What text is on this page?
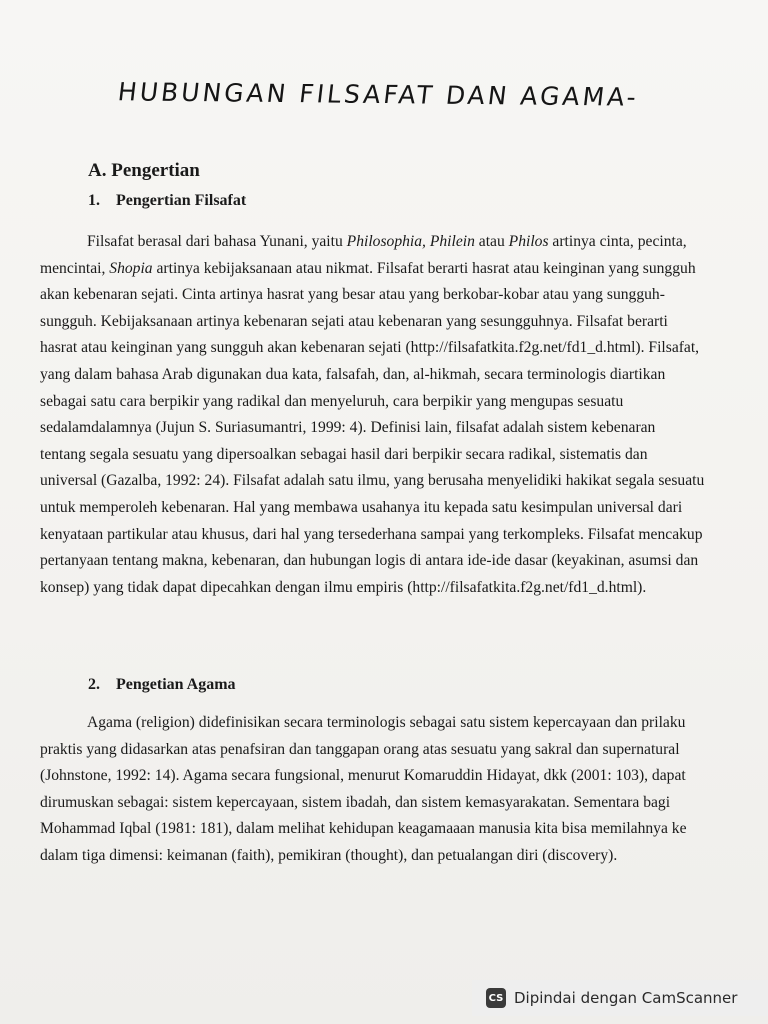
HUBUNGAN FILSAFAT DAN AGAMA-
A. Pengertian
1. Pengertian Filsafat

Filsafat berasal dari bahasa Yunani, yaitu Philosophia, Philein atau Philos artinya cinta, pecinta, mencintai, Shopia artinya kebijaksanaan atau nikmat. Filsafat berarti hasrat atau keinginan yang sungguh akan kebenaran sejati. Cinta artinya hasrat yang besar atau yang berkobar-kobar atau yang sungguh-sungguh. Kebijaksanaan artinya kebenaran sejati atau kebenaran yang sesungguhnya. Filsafat berarti hasrat atau keinginan yang sungguh akan kebenaran sejati (http://filsafatkita.f2g.net/fd1_d.html). Filsafat, yang dalam bahasa Arab digunakan dua kata, falsafah, dan, al-hikmah, secara terminologis diartikan sebagai satu cara berpikir yang radikal dan menyeluruh, cara berpikir yang mengupas sesuatu sedalamdalamnya (Jujun S. Suriasumantri, 1999: 4). Definisi lain, filsafat adalah sistem kebenaran tentang segala sesuatu yang dipersoalkan sebagai hasil dari berpikir secara radikal, sistematis dan universal (Gazalba, 1992: 24). Filsafat adalah satu ilmu, yang berusaha menyelidiki hakikat segala sesuatu untuk memperoleh kebenaran. Hal yang membawa usahanya itu kepada satu kesimpulan universal dari kenyataan partikular atau khusus, dari hal yang tersederhana sampai yang terkompleks. Filsafat mencakup pertanyaan tentang makna, kebenaran, dan hubungan logis di antara ide-ide dasar (keyakinan, asumsi dan konsep) yang tidak dapat dipecahkan dengan ilmu empiris (http://filsafatkita.f2g.net/fd1_d.html).

2. Pengetian Agama

Agama (religion) didefinisikan secara terminologis sebagai satu sistem kepercayaan dan prilaku praktis yang didasarkan atas penafsiran dan tanggapan orang atas sesuatu yang sakral dan supernatural (Johnstone, 1992: 14). Agama secara fungsional, menurut Komaruddin Hidayat, dkk (2001: 103), dapat dirumuskan sebagai: sistem kepercayaan, sistem ibadah, dan sistem kemasyarakatan. Sementara bagi Mohammad Iqbal (1981: 181), dalam melihat kehidupan keagamaaan manusia kita bisa memilahnya ke dalam tiga dimensi: keimanan (faith), pemikiran (thought), dan petualangan diri (discovery).

CS Dipindai dengan CamScanner
